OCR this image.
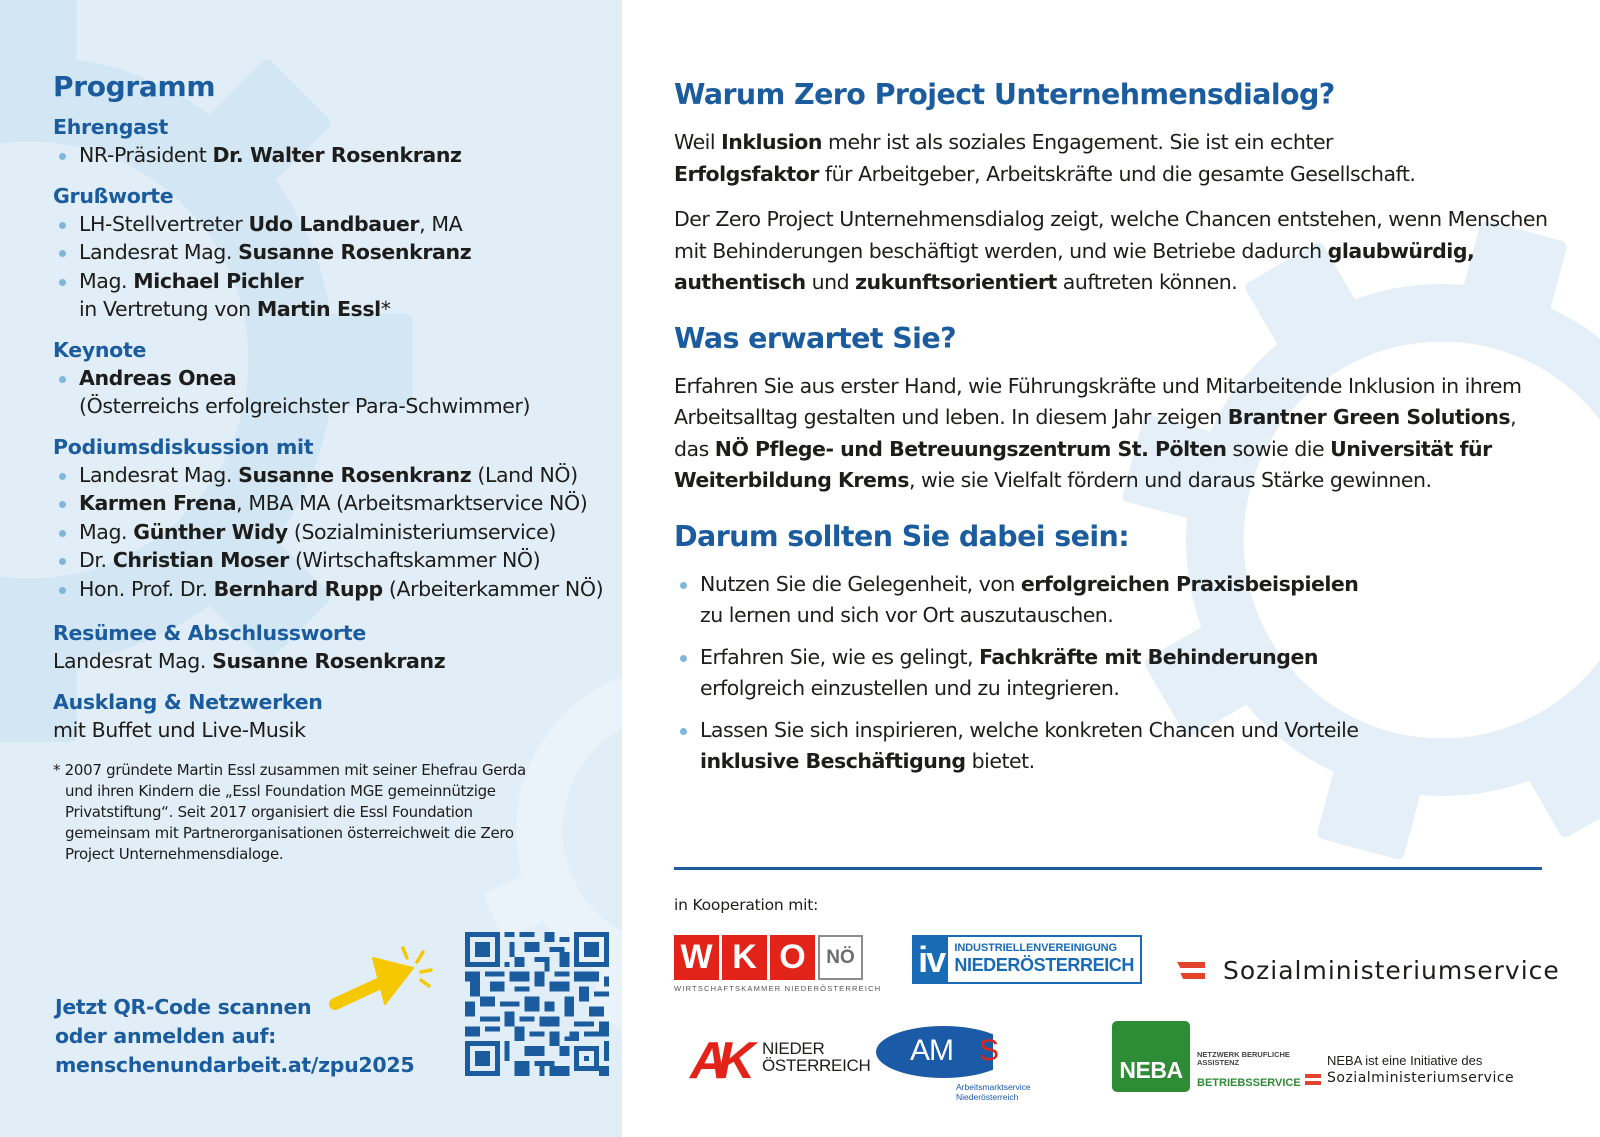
Programm
Ehrengast
NR-Präsident Dr. Walter Rosenkranz
Grußworte
LH-Stellvertreter Udo Landbauer, MA
Landesrat Mag. Susanne Rosenkranz
Mag. Michael Pichler
in Vertretung von Martin Essl*
Keynote
Andreas Onea
(Österreichs erfolgreichster Para-Schwimmer)
Podiumsdiskussion mit
Landesrat Mag. Susanne Rosenkranz (Land NÖ)
Karmen Frena, MBA MA (Arbeitsmarktservice NÖ)
Mag. Günther Widy (Sozialministeriumservice)
Dr. Christian Moser (Wirtschaftskammer NÖ)
Hon. Prof. Dr. Bernhard Rupp (Arbeiterkammer NÖ)
Resümee & Abschlussworte
Landesrat Mag. Susanne Rosenkranz
Ausklang & Netzwerken
mit Buffet und Live-Musik
* 2007 gründete Martin Essl zusammen mit seiner Ehefrau Gerda und ihren Kindern die „Essl Foundation MGE gemeinnützige Privatstiftung“. Seit 2017 organisiert die Essl Foundation gemeinsam mit Partnerorganisationen österreichweit die Zero Project Unternehmensdialoge.
Jetzt QR-Code scannen
oder anmelden auf:
menschenundarbeit.at/zpu2025
Warum Zero Project Unternehmensdialog?

Weil Inklusion mehr ist als soziales Engagement. Sie ist ein echter
Erfolgsfaktor für Arbeitgeber, Arbeitskräfte und die gesamte Gesellschaft.

Der Zero Project Unternehmensdialog zeigt, welche Chancen entstehen, wenn Menschen mit Behinderungen beschäftigt werden, und wie Betriebe dadurch glaubwürdig, authentisch und zukunftsorientiert auftreten können.

Was erwartet Sie?

Erfahren Sie aus erster Hand, wie Führungskräfte und Mitarbeitende Inklusion in ihrem Arbeitsalltag gestalten und leben. In diesem Jahr zeigen Brantner Green Solutions, das NÖ Pflege- und Betreuungszentrum St. Pölten sowie die Universität für Weiterbildung Krems, wie sie Vielfalt fördern und daraus Stärke gewinnen.

Darum sollten Sie dabei sein:
Nutzen Sie die Gelegenheit, von erfolgreichen Praxisbeispielen
zu lernen und sich vor Ort auszutauschen.
Erfahren Sie, wie es gelingt, Fachkräfte mit Behinderungen
erfolgreich einzustellen und zu integrieren.
Lassen Sie sich inspirieren, welche konkreten Chancen und Vorteile
inklusive Beschäftigung bietet.
in Kooperation mit:
W K O	NÖ
WIRTSCHAFTSKAMMER NIEDERÖSTERREICH
iv INDUSTRIELLENVEREINIGUNG
NIEDERÖSTERREICH	Sozialministeriumservice
AK NIEDER
ÖSTERREICH AM S
Arbeitsmarktservice
Niederösterreich
NEBA
NETZWERK BERUFLICHE
ASSISTENZ
BETRIEBSSERVICE
NEBA ist eine Initiative des
Sozialministeriumservice
